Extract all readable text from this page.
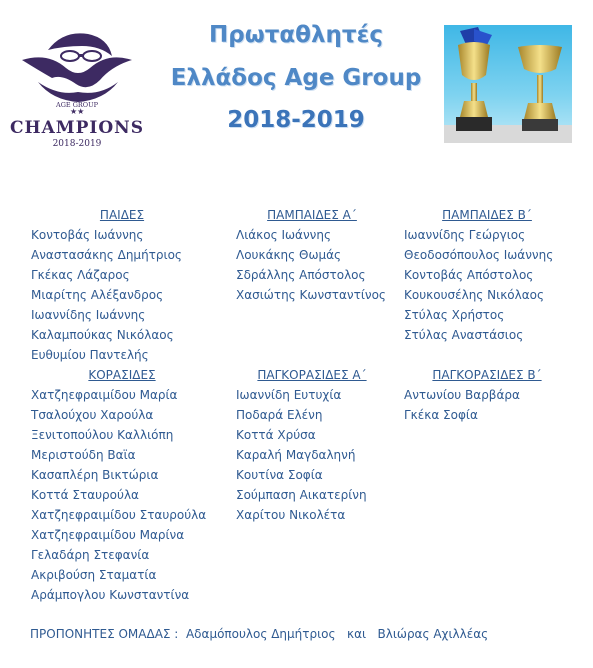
★★
AGE GROUP
CHAMPIONS
2018-2019
Πρωταθλητές
Ελλάδος Age Group
2018-2019
ΠΑΙΔΕΣ
Κοντοβάς Ιωάννης
Αναστασάκης Δημήτριος
Γκέκας Λάζαρος
Μιαρίτης Αλέξανδρος
Ιωαννίδης Ιωάννης
Καλαμπούκας Νικόλαος
Ευθυμίου Παντελής
ΚΟΡΑΣΙΔΕΣ
Χατζηεφραιμίδου Μαρία
Τσαλούχου Χαρούλα
Ξενιτοπούλου Καλλιόπη
Μεριστούδη Βαϊα
Κασαπλέρη Βικτώρια
Κοττά Σταυρούλα
Χατζηεφραιμίδου Σταυρούλα
Χατζηεφραιμίδου Μαρίνα
Γελαδάρη Στεφανία
Ακριβούση Σταματία
Αράμπογλου Κωνσταντίνα
ΠΑΜΠΑΙΔΕΣ Α΄
Λιάκος Ιωάννης
Λουκάκης Θωμάς
Σδράλλης Απόστολος
Χασιώτης Κωνσταντίνος
ΠΑΓΚΟΡΑΣΙΔΕΣ Α΄
Ιωαννίδη Ευτυχία
Ποδαρά Ελένη
Κοττά Χρύσα
Καραλή Μαγδαληνή
Κουτίνα Σοφία
Σούμπαση Αικατερίνη
Χαρίτου Νικολέτα
ΠΑΜΠΑΙΔΕΣ Β΄
Ιωαννίδης Γεώργιος
Θεοδοσόπουλος Ιωάννης
Κοντοβάς Απόστολος
Κουκουσέλης Νικόλαος
Στύλας Χρήστος
Στύλας Αναστάσιος
ΠΑΓΚΟΡΑΣΙΔΕΣ Β΄
Αντωνίου Βαρβάρα
Γκέκα Σοφία
ΠΡΟΠΟΝΗΤΕΣ ΟΜΑΔΑΣ :  Αδαμόπουλος Δημήτριος   και   Βλιώρας Αχιλλέας
